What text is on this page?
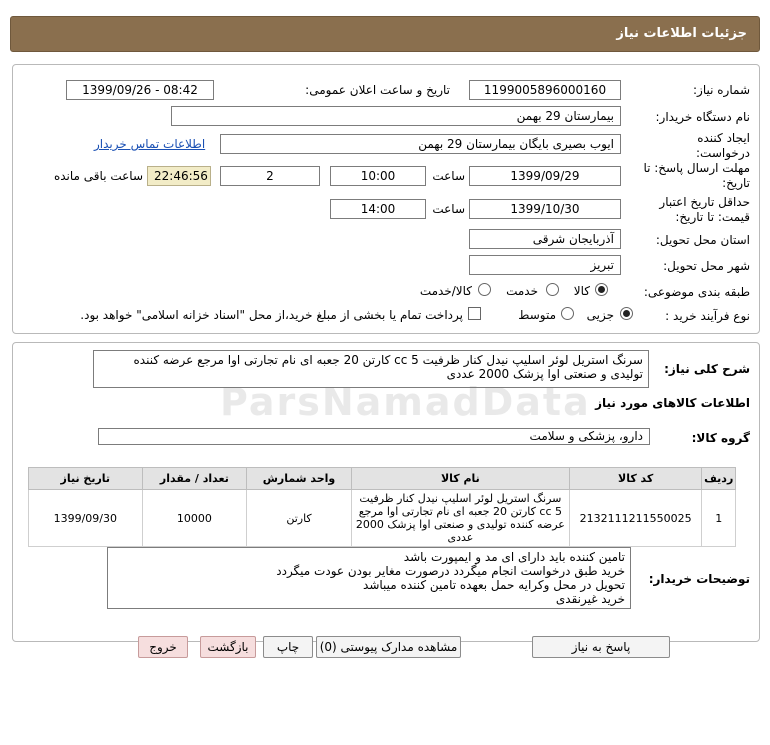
جزئیات اطلاعات نیاز
شماره نیاز:
1199005896000160
تاریخ و ساعت اعلان عمومی:
1399/09/26 - 08:42
نام دستگاه خریدار:
بیمارستان 29 بهمن
ایجاد کننده درخواست:
ایوب بصیری بایگان بیمارستان 29 بهمن
اطلاعات تماس خریدار
مهلت ارسال پاسخ: تا تاریخ:
1399/09/29
ساعت
10:00
2
22:46:56
ساعت باقی مانده
حداقل تاریخ اعتبار قیمت: تا تاریخ:
1399/10/30
ساعت
14:00
استان محل تحویل:
آذربایجان شرقی
شهر محل تحویل:
تبریز
طبقه بندی موضوعی:
کالا
خدمت
کالا/خدمت
نوع فرآیند خرید :
جزیی
متوسط
پرداخت تمام یا بخشی از مبلغ خرید،از محل "اسناد خزانه اسلامی" خواهد بود.
شرح کلی نیاز:
سرنگ استریل لوئر اسلیپ نیدل کنار ظرفیت 5 cc کارتن 20 جعبه ای نام تجارتی اوا مرجع عرضه کننده تولیدی و صنعتی اوا پزشک 2000 عددی
اطلاعات کالاهای مورد نیاز
گروه کالا:
دارو، پزشکی و سلامت
ردیف	کد کالا	نام کالا	واحد شمارش	تعداد / مقدار	تاریخ نیاز
1	2132111211550025	سرنگ استریل لوئر اسلیپ نیدل کنار ظرفیت 5 cc کارتن 20 جعبه ای نام تجارتی اوا مرجع عرضه کننده تولیدی و صنعتی اوا پزشک 2000 عددی	کارتن	10000	1399/09/30
توضیحات خریدار:
تامین کننده باید دارای ای مد و ایمپورت باشد
خرید طبق درخواست انجام میگردد درصورت مغایر بودن عودت میگردد
تحویل در محل وکرایه حمل بعهده تامین کننده میباشد
خرید غیرنقدی
پاسخ به نیاز
مشاهده مدارک پیوستی (0)
چاپ
بازگشت
خروج
